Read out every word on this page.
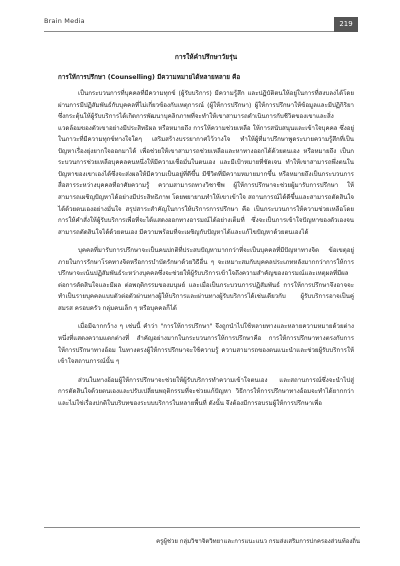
Brain Media	219
การให้คำปรึกษาวัยรุ่น
การให้การปรึกษา (Counselling) มีความหมายได้หลายหลาย คือ

เป็นกระบวนการที่บุคคลที่มีความทุกข์ (ผู้รับบริการ) มีความรู้สึก และปฏิบัติตนให้อยู่ในการที่สงบลงได้โดยผ่านการมีปฏิสัมพันธ์กับบุคคลที่ไม่เกี่ยวข้องกับเหตุการณ์ (ผู้ให้การปรึกษา) ผู้ให้การปรึกษาให้ข้อมูลและมีปฏิกิริยาซึ่งกระตุ้นให้ผู้รับบริการได้เกิดการพัฒนาบุคลิกภาพที่จะทำให้เขาสามารถดำเนินการกับชีวิตของเขาและสิ่งแวดล้อมของตัวเขาอย่างมีประสิทธิผล หรือหมายถึง การให้ความช่วยเหลือ ให้การสนับสนุนและเข้าใจบุคคล ซึ่งอยู่ในภาวะที่มีความทุกข์ทางใจใดๆ เสริมสร้างบรรยากาศไว้วางใจ ทำให้ผู้ที่มาปรึกษาพูดระบายความรู้สึกที่เป็นปัญหาเรื่องยุ่งยากใจออกมาได้ เพื่อช่วยให้เขาสามารถช่วยเหลือและหาทางออกได้ด้วยตนเอง หรือหมายถึง เป็นกระบวนการช่วยเหลือบุคคลคนหนึ่งให้มีความเชื่อมั่นในตนเอง และมีเป้าหมายที่ชัดเจน ทำให้เขาสามารถพึ่งตนในปัญหาของเขาเองได้ซึ่งจะส่งผลให้มีความเป็นอยู่ที่ดีขึ้น มีชีวิตที่มีความหมายมากขึ้น หรือหมายถึงเป็นกระบวนการสื่อสารระหว่างบุคคลที่อาศัยความรู้ ความสามารถทางวิชาชีพ ผู้ให้การปรึกษาจะช่วยผู้มารับการปรึกษา ให้สามารถเผชิญปัญหาได้อย่างมีประสิทธิภาพ โดยพยายามทำให้เขาเข้าใจ สถานการณ์ได้ดีขึ้นและสามารถตัดสินใจได้ด้วยตนเองอย่างมั่นใจ สรุปสาระสำคัญในการให้บริการการปรึกษา คือ เป็นกระบวนการให้ความช่วยเหลือโดยการให้คำสั่งให้ผู้รับบริการเพื่อที่จะได้แสดงออกทางอารมณ์ได้อย่างเต็มที่ ซึ่งจะเป็นการเข้าใจปัญหาของตัวเองจนสามารถตัดสินใจได้ด้วยตนเอง มีความพร้อมที่จะเผชิญกับปัญหาได้และแก้ไขปัญหาด้วยตนเองได้

บุคคลที่มารับการปรึกษาจะเป็นคนปกติที่ประสบปัญหามากกว่าที่จะเป็นบุคคลที่มีปัญหาทางจิต ข้อเขตุอยู่ภายในการรักษาโรคทางจิตหรือการบำบัดรักษาด้วยวิธีอื่น ๆ จะเหมาะสมกับบุคคลประเภทหลังมากกว่าการให้การปรึกษาจะเน้นปฏิสัมพันธ์ระหว่างบุคคลซึ่งจะช่วยให้ผู้รับบริการเข้าใจถึงความสำคัญของอารมณ์และเหตุผลที่มีผลต่อการตัดสินใจและมีผล ต่อพฤติกรรมของมนุษย์ และเมื่อเป็นกระบวนการปฏิสัมพันธ์ การให้การปรึกษาจึงอาจจะทำเป็นรายบุคคลแบบตัวต่อตัวผ่านทางผู้ให้บริการและผ่านทางผู้รับบริการได้เช่นเดียวกับ ผู้รับบริการอาจเป็นคู่สมรส ครอบครัว กลุ่มคนเล็ก ๆ หรือบุคคลก็ได้

เมื่อมีฉากกว้าง ๆ เช่นนี้ คำว่า "การให้การปรึกษา" จึงถูกนำไปใช้หลายทางและหลายความหมายด้วยต่างหนึ่งที่แสดงความแตกต่างที่ สำคัญอย่างมากในกระบวนการให้การปรึกษาคือ การให้การปรึกษาทางตรงกับการให้การปรึกษาทางอ้อม ในทางตรงผู้ให้การปรึกษาจะใช้ความรู้ ความสามารถของตนแนะนำและช่วยผู้รับบริการให้เข้าใจสถานการณ์นั้น ๆ

ส่วนในทางอ้อมผู้ให้การปรึกษาจะช่วยให้ผู้รับบริการทำความเข้าใจตนเอง และสถานการณ์ซึ่งจะนำไปสู่การตัดสินใจด้วยตนเองและปรับเปลี่ยนพฤติกรรมที่จะช่วยแก้ปัญหา วิธีการให้การปรึกษาทางอ้อมจะทำได้ยากกว่า และไม่ใช่เรื่องปกติในบริบทของระบบบริการในหลายพื้นที่ ดังนั้น จึงต้องมีการอบรมผู้ให้การปรึกษาเพื่อ

ครูผู้ช่วย กลุ่มวิชาจิตวิทยาและการแนะแนว กรมส่งเสริมการปกครองส่วนท้องถิ่น
